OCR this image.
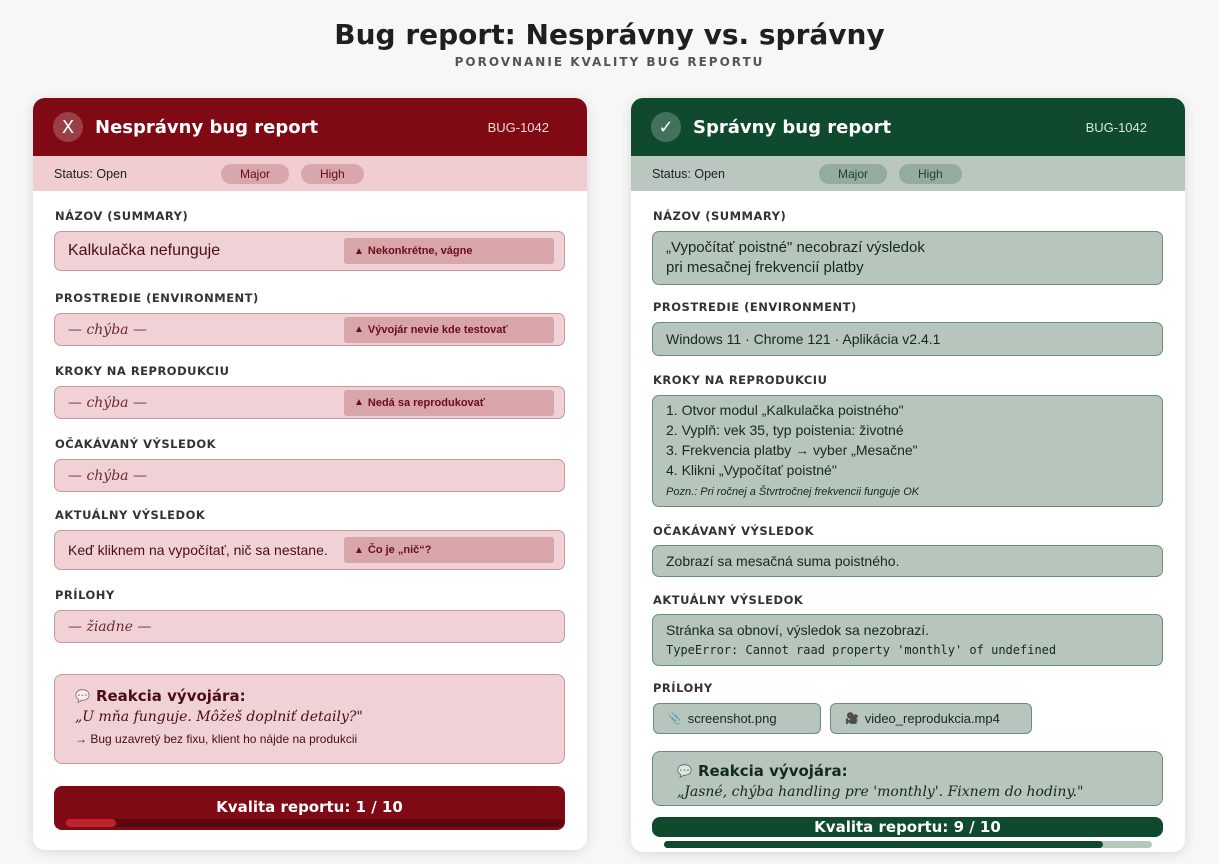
Bug report: Nesprávny vs. správny
POROVNANIE KVALITY BUG REPORTU
X	Nesprávny bug report	BUG-1042
Status: Open	Major	High
NÁZOV (SUMMARY)
Kalkulačka nefunguje	▲ Nekonkrétne, vágne
PROSTREDIE (ENVIRONMENT)
— chýba —	▲ Vývojár nevie kde testovať
KROKY NA REPRODUKCIU
— chýba —	▲ Nedá sa reprodukovať
OČAKÁVANÝ VÝSLEDOK
— chýba —
AKTUÁLNY VÝSLEDOK
Keď kliknem na vypočítať, nič sa nestane.	▲ Čo je „nič“?
PRÍLOHY
— žiadne —
💬 Reakcia vývojára:
„U mňa funguje. Môžeš doplniť detaily?"
→ Bug uzavretý bez fixu, klient ho nájde na produkcii
Kvalita reportu: 1 / 10
✓	Správny bug report	BUG-1042
Status: Open	Major	High
NÁZOV (SUMMARY)
„Vypočítať poistné" necobrazí výsledok
pri mesačnej frekvencií platby
PROSTREDIE (ENVIRONMENT)
Windows 11 · Chrome 121 · Aplikácia v2.4.1
KROKY NA REPRODUKCIU
1. Otvor modul „Kalkulačka poistného"
2. Vyplň: vek 35, typ poistenia: životné
3. Frekvencia platby → vyber „Mesačne"
4. Klikni „Vypočítať poistné"
Pozn.: Pri ročnej a Štvrtročnej frekvencii funguje OK
OČAKÁVANÝ VÝSLEDOK
Zobrazí sa mesačná suma poistného.
AKTUÁLNY VÝSLEDOK
Stránka sa obnoví, výsledok sa nezobrazí.
TypeError: Cannot raad property 'monthly' of undefined
PRÍLOHY
📎 screenshot.png	🎥 video_reprodukcia.mp4
💬 Reakcia vývojára:
„Jasné, chýba handling pre 'monthly'. Fixnem do hodiny."
Kvalita reportu: 9 / 10
